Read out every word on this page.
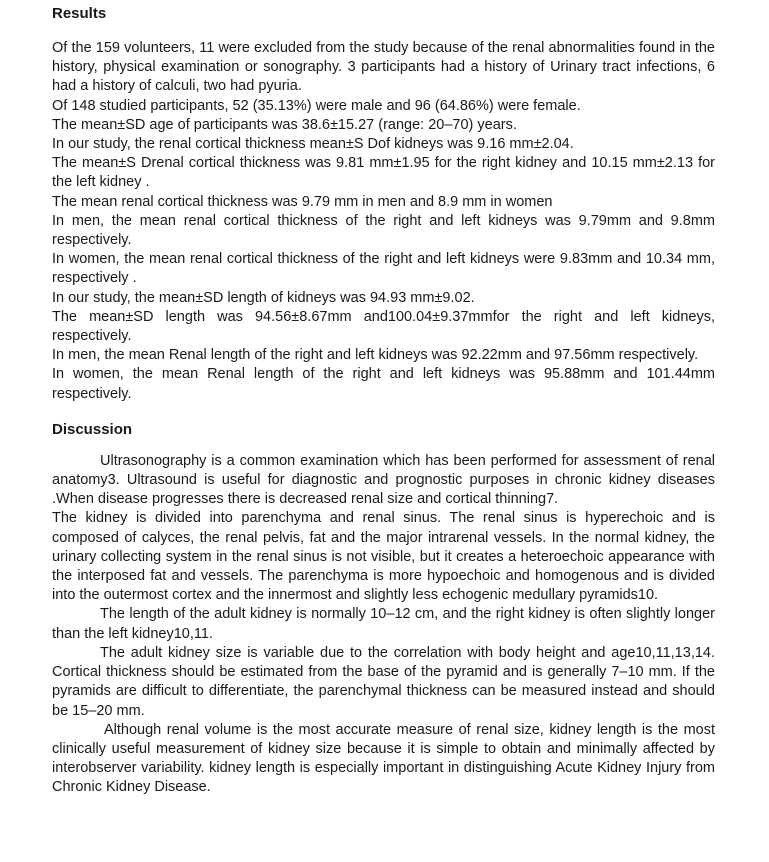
Results

Of the 159 volunteers, 11 were excluded from the study because of the renal abnormalities found in the history, physical examination or sonography. 3 participants had a history of Urinary tract infections, 6 had a history of calculi, two had pyuria.

Of 148 studied participants, 52 (35.13%) were male and 96 (64.86%) were female.

The mean±SD age of participants was 38.6±15.27 (range: 20–70) years.

In our study, the renal cortical thickness mean±S Dof kidneys was 9.16 mm±2.04.

The mean±S Drenal cortical thickness was 9.81 mm±1.95 for the right kidney and 10.15 mm±2.13 for the left kidney .

The mean renal cortical thickness was 9.79 mm in men and 8.9 mm in women

In men, the mean renal cortical thickness of the right and left kidneys was 9.79mm and 9.8mm respectively.

In women, the mean renal cortical thickness of the right and left kidneys were 9.83mm and 10.34 mm, respectively .

In our study, the mean±SD length of kidneys was 94.93 mm±9.02.

The mean±SD length was 94.56±8.67mm and100.04±9.37mmfor the right and left kidneys, respectively.

In men, the mean Renal length of the right and left kidneys was 92.22mm and 97.56mm respectively.

In women, the mean Renal length of the right and left kidneys was 95.88mm and 101.44mm respectively.

Discussion

Ultrasonography is a common examination which has been performed for assessment of renal anatomy3. Ultrasound is useful for diagnostic and prognostic purposes in chronic kidney diseases .When disease progresses there is decreased renal size and cortical thinning7.

The kidney is divided into parenchyma and renal sinus. The renal sinus is hyperechoic and is composed of calyces, the renal pelvis, fat and the major intrarenal vessels. In the normal kidney, the urinary collecting system in the renal sinus is not visible, but it creates a heteroechoic appearance with the interposed fat and vessels. The parenchyma is more hypoechoic and homogenous and is divided into the outermost cortex and the innermost and slightly less echogenic medullary pyramids10.

The length of the adult kidney is normally 10–12 cm, and the right kidney is often slightly longer than the left kidney10,11.

The adult kidney size is variable due to the correlation with body height and age10,11,13,14. Cortical thickness should be estimated from the base of the pyramid and is generally 7–10 mm. If the pyramids are difficult to differentiate, the parenchymal thickness can be measured instead and should be 15–20 mm.

Although renal volume is the most accurate measure of renal size, kidney length is the most clinically useful measurement of kidney size because it is simple to obtain and minimally affected by interobserver variability. kidney length is especially important in distinguishing Acute Kidney Injury from Chronic Kidney Disease.
